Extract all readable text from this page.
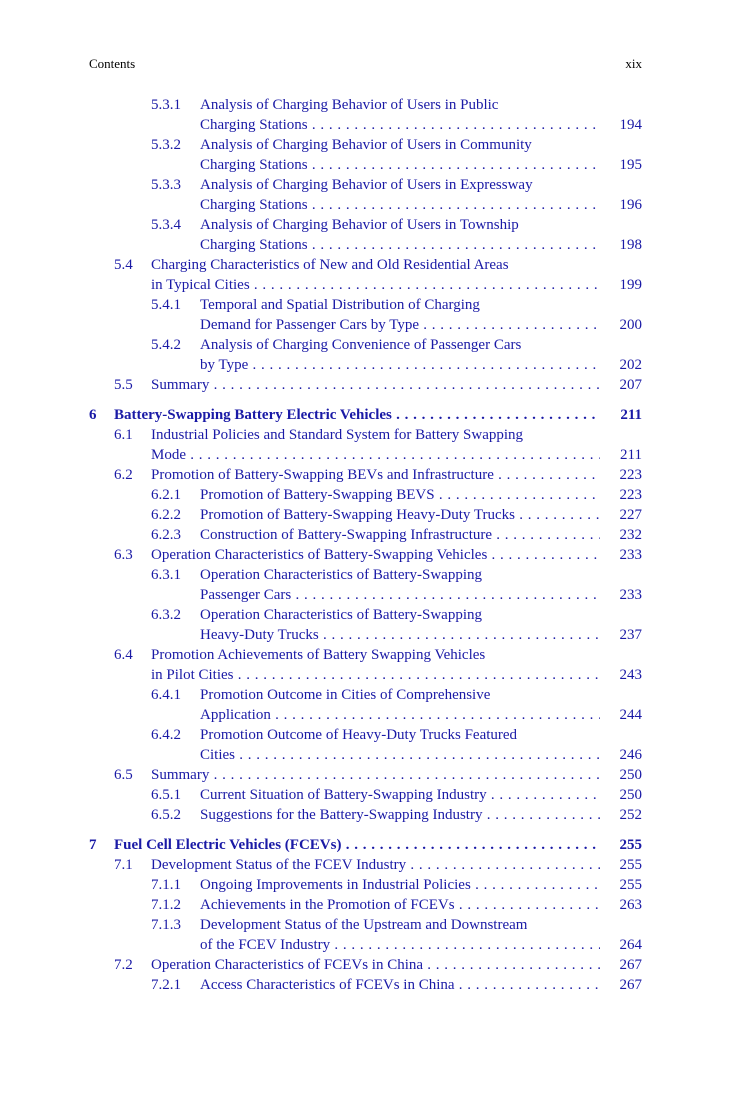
Contents	xix
5.3.1 Analysis of Charging Behavior of Users in Public
Charging Stations . . .	194
5.3.2 Analysis of Charging Behavior of Users in Community
Charging Stations . . .	195
5.3.3 Analysis of Charging Behavior of Users in Expressway
Charging Stations . . .	196
5.3.4 Analysis of Charging Behavior of Users in Township
Charging Stations . . .	198
5.4 Charging Characteristics of New and Old Residential Areas
in Typical Cities . . .	199
5.4.1 Temporal and Spatial Distribution of Charging
Demand for Passenger Cars by Type . . .	200
5.4.2 Analysis of Charging Convenience of Passenger Cars
by Type . . .	202
5.5 Summary . . .	207
6 Battery-Swapping Battery Electric Vehicles . . .	211
6.1 Industrial Policies and Standard System for Battery Swapping
Mode . . .	211
6.2 Promotion of Battery-Swapping BEVs and Infrastructure . . .	223
6.2.1 Promotion of Battery-Swapping BEVS . . .	223
6.2.2 Promotion of Battery-Swapping Heavy-Duty Trucks . . .	227
6.2.3 Construction of Battery-Swapping Infrastructure . . .	232
6.3 Operation Characteristics of Battery-Swapping Vehicles . . .	233
6.3.1 Operation Characteristics of Battery-Swapping
Passenger Cars . . .	233
6.3.2 Operation Characteristics of Battery-Swapping
Heavy-Duty Trucks . . .	237
6.4 Promotion Achievements of Battery Swapping Vehicles
in Pilot Cities . . .	243
6.4.1 Promotion Outcome in Cities of Comprehensive
Application . . .	244
6.4.2 Promotion Outcome of Heavy-Duty Trucks Featured
Cities . . .	246
6.5 Summary . . .	250
6.5.1 Current Situation of Battery-Swapping Industry . . .	250
6.5.2 Suggestions for the Battery-Swapping Industry . . .	252
7 Fuel Cell Electric Vehicles (FCEVs) . . .	255
7.1 Development Status of the FCEV Industry . . .	255
7.1.1 Ongoing Improvements in Industrial Policies . . .	255
7.1.2 Achievements in the Promotion of FCEVs . . .	263
7.1.3 Development Status of the Upstream and Downstream
of the FCEV Industry . . .	264
7.2 Operation Characteristics of FCEVs in China . . .	267
7.2.1 Access Characteristics of FCEVs in China . . .	267
